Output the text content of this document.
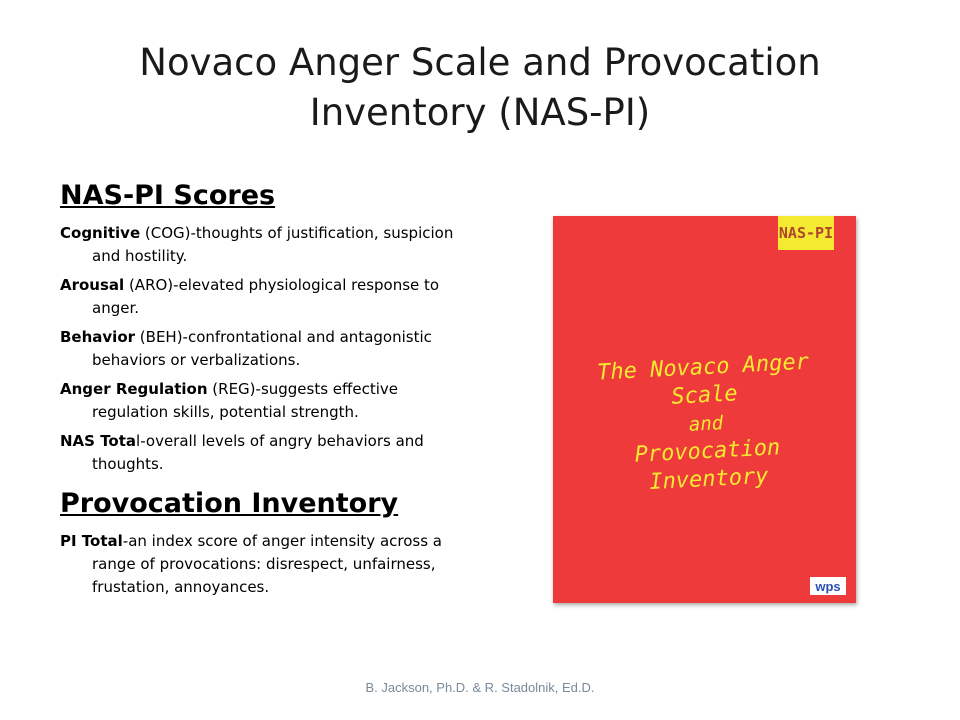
Novaco Anger Scale and Provocation Inventory (NAS-PI)
NAS-PI Scores
Cognitive (COG)-thoughts of justification, suspicion and hostility.
Arousal (ARO)-elevated physiological response to anger.
Behavior (BEH)-confrontational and antagonistic behaviors or verbalizations.
Anger Regulation (REG)-suggests effective regulation skills, potential strength.
NAS Total-overall levels of angry behaviors and thoughts.
Provocation Inventory
PI Total-an index score of anger intensity across a range of provocations: disrespect, unfairness, frustation, annoyances.
NAS-PI
The Novaco Anger Scale
and
Provocation Inventory
wps
B. Jackson, Ph.D. & R. Stadolnik, Ed.D.
